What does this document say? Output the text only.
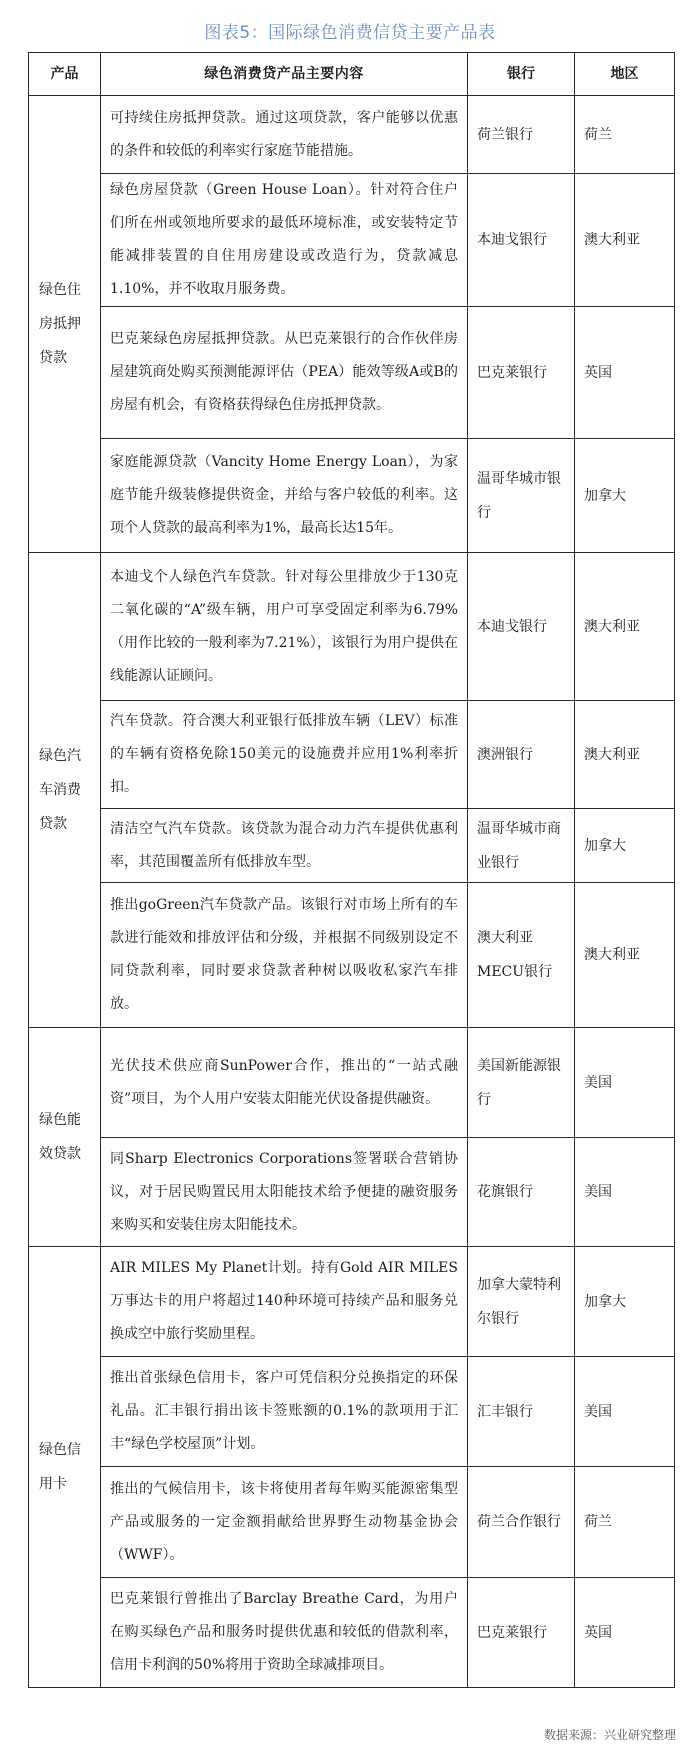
图表5：国际绿色消费信贷主要产品表
产品	绿色消费贷产品主要内容	银行	地区
绿色住房抵押贷款	可持续住房抵押贷款。通过这项贷款，客户能够以优惠的条件和较低的利率实行家庭节能措施。	荷兰银行	荷兰
	绿色房屋贷款（Green House Loan）。针对符合住户们所在州或领地所要求的最低环境标准，或安装特定节能减排装置的自住用房建设或改造行为，贷款减息1.10%，并不收取月服务费。	本迪戈银行	澳大利亚
	巴克莱绿色房屋抵押贷款。从巴克莱银行的合作伙伴房屋建筑商处购买预测能源评估（PEA）能效等级A或B的房屋有机会，有资格获得绿色住房抵押贷款。	巴克莱银行	英国
	家庭能源贷款（Vancity Home Energy Loan），为家庭节能升级装修提供资金，并给与客户较低的利率。这项个人贷款的最高利率为1%，最高长达15年。	温哥华城市银行	加拿大
绿色汽车消费贷款	本迪戈个人绿色汽车贷款。针对每公里排放少于130克二氧化碳的“A”级车辆，用户可享受固定利率为6.79%（用作比较的一般利率为7.21%），该银行为用户提供在线能源认证顾问。	本迪戈银行	澳大利亚
	汽车贷款。符合澳大利亚银行低排放车辆（LEV）标准的车辆有资格免除150美元的设施费并应用1%利率折扣。	澳洲银行	澳大利亚
	清洁空气汽车贷款。该贷款为混合动力汽车提供优惠利率，其范围覆盖所有低排放车型。	温哥华城市商业银行	加拿大
	推出goGreen汽车贷款产品。该银行对市场上所有的车款进行能效和排放评估和分级，并根据不同级别设定不同贷款利率，同时要求贷款者种树以吸收私家汽车排放。	澳大利亚MECU银行	澳大利亚
绿色能效贷款	光伏技术供应商SunPower合作，推出的“一站式融资”项目，为个人用户安装太阳能光伏设备提供融资。	美国新能源银行	美国
	同Sharp Electronics Corporations签署联合营销协议，对于居民购置民用太阳能技术给予便捷的融资服务来购买和安装住房太阳能技术。	花旗银行	美国
绿色信用卡	AIR MILES My Planet计划。持有Gold AIR MILES万事达卡的用户将超过140种环境可持续产品和服务兑换成空中旅行奖励里程。	加拿大蒙特利尔银行	加拿大
	推出首张绿色信用卡，客户可凭信积分兑换指定的环保礼品。汇丰银行捐出该卡签账额的0.1%的款项用于汇丰“绿色学校屋顶”计划。	汇丰银行	美国
	推出的气候信用卡，该卡将使用者每年购买能源密集型产品或服务的一定金额捐献给世界野生动物基金协会（WWF）。	荷兰合作银行	荷兰
	巴克莱银行曾推出了Barclay Breathe Card，为用户在购买绿色产品和服务时提供优惠和较低的借款利率，信用卡利润的50%将用于资助全球减排项目。	巴克莱银行	英国
数据来源：兴业研究整理
